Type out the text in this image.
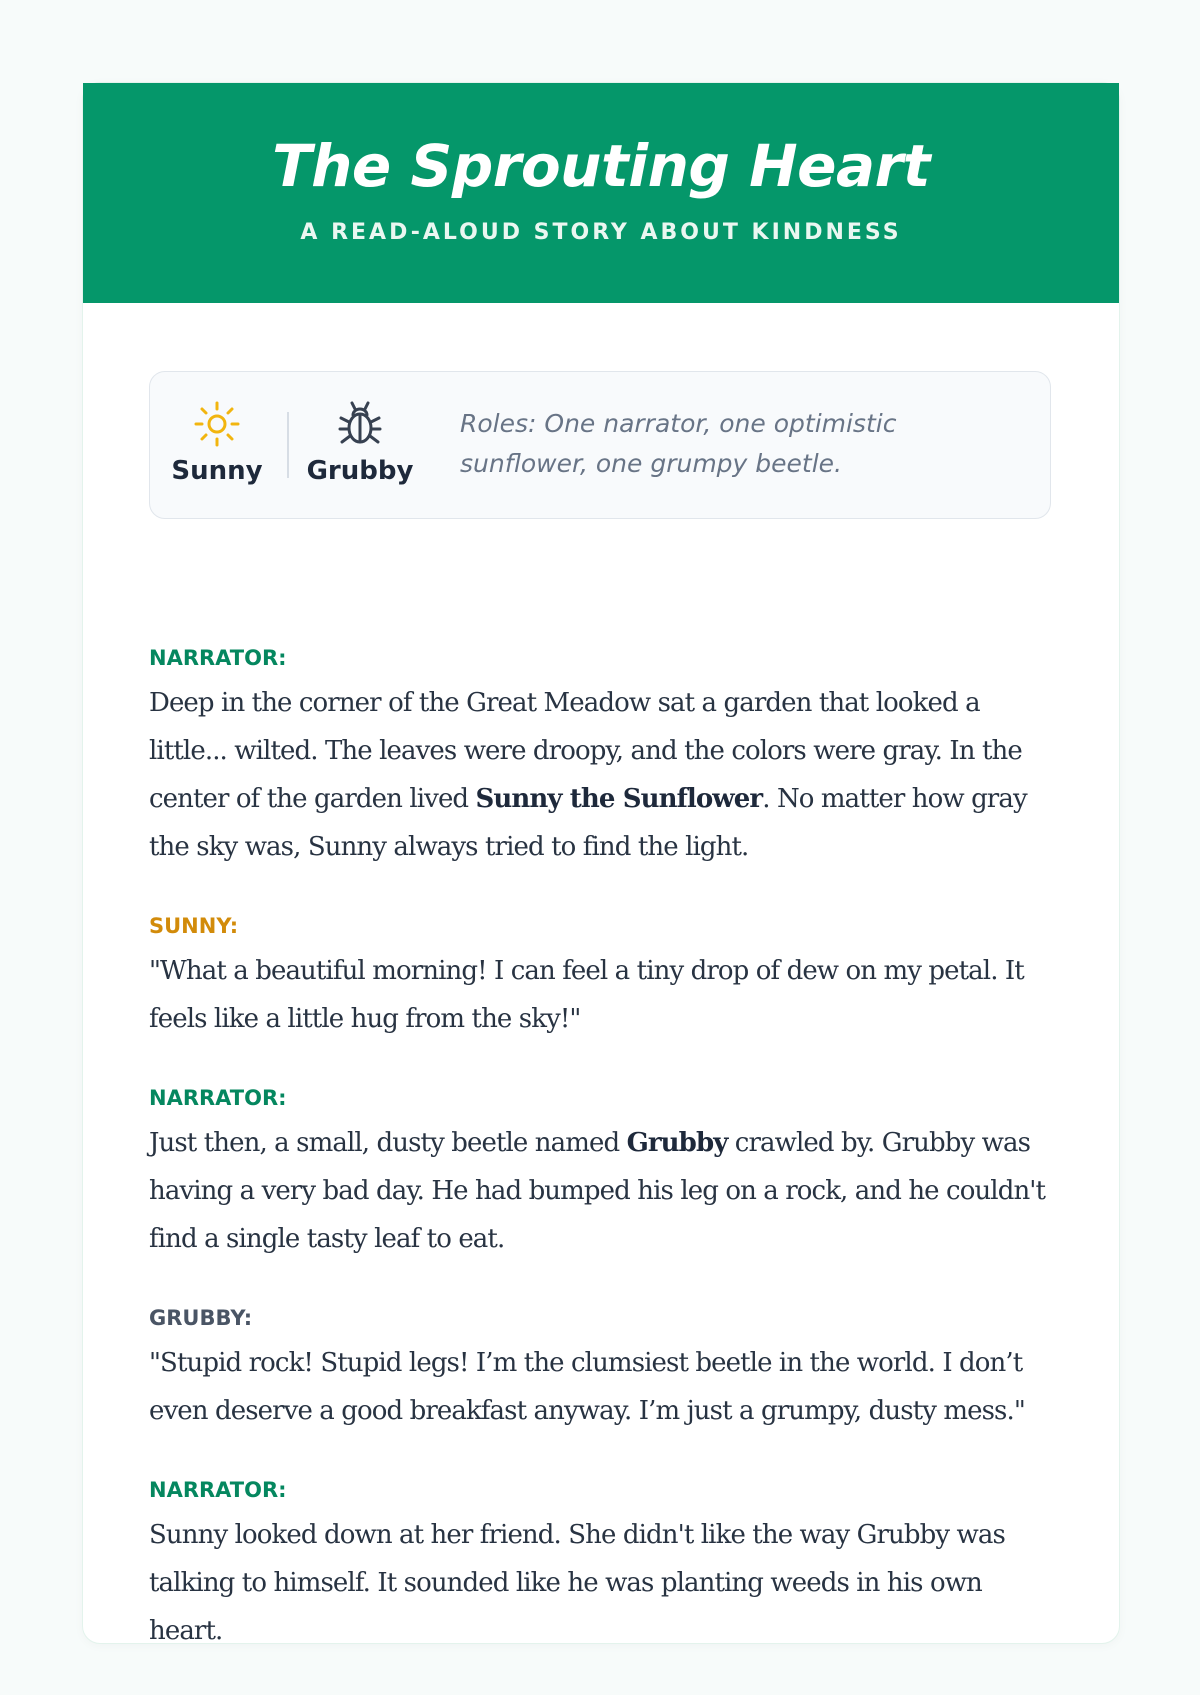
The Sprouting Heart

A READ-ALOUD STORY ABOUT KINDNESS

Sunny	Grubby

Roles: One narrator, one optimistic sunflower, one grumpy beetle.

NARRATOR:

Deep in the corner of the Great Meadow sat a garden that looked a little... wilted. The leaves were droopy, and the colors were gray. In the center of the garden lived Sunny the Sunflower. No matter how gray the sky was, Sunny always tried to find the light.

SUNNY:

"What a beautiful morning! I can feel a tiny drop of dew on my petal. It feels like a little hug from the sky!"

NARRATOR:

Just then, a small, dusty beetle named Grubby crawled by. Grubby was having a very bad day. He had bumped his leg on a rock, and he couldn't find a single tasty leaf to eat.

GRUBBY:

"Stupid rock! Stupid legs! I’m the clumsiest beetle in the world. I don’t even deserve a good breakfast anyway. I’m just a grumpy, dusty mess."

NARRATOR:

Sunny looked down at her friend. She didn't like the way Grubby was talking to himself. It sounded like he was planting weeds in his own heart.
